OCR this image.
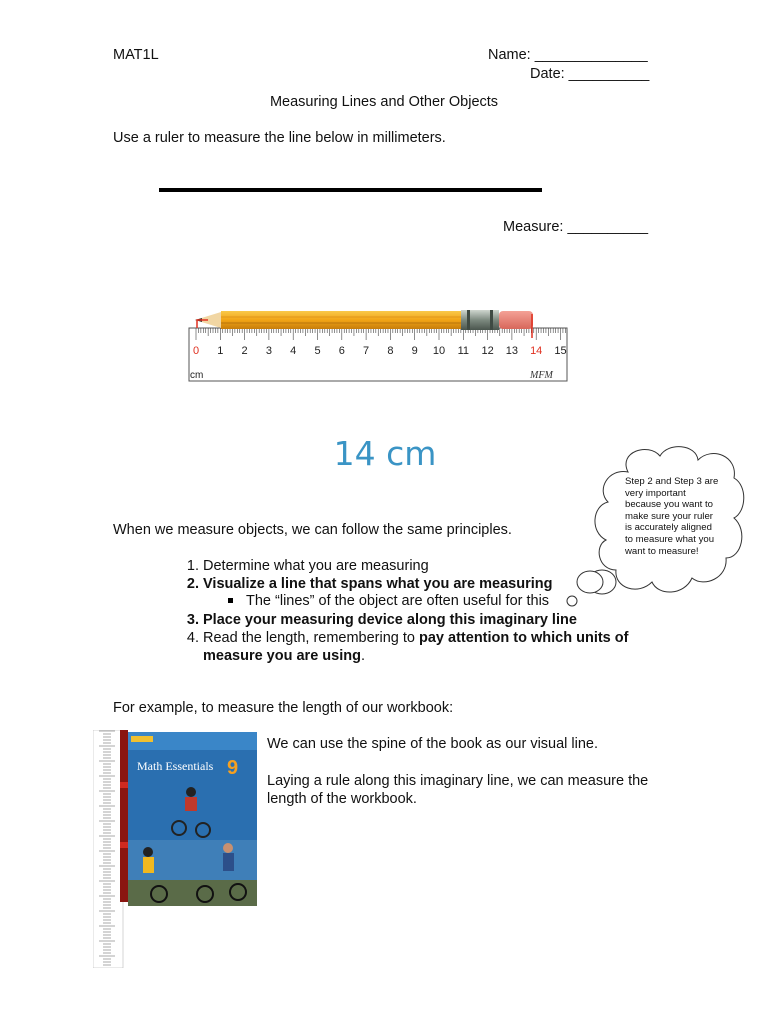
MAT1L	Name: ______________
Date: __________
Measuring Lines and Other Objects
Use a ruler to measure the line below in millimeters.
Measure: __________
0 1 2 3 4 5 6 7 8 9 10 11 12 13 14 15
cm	MFM
14 cm
Step 2 and Step 3 are very important because you want to make sure your ruler is accurately aligned to measure what you want to measure!
When we measure objects, we can follow the same principles.
1. Determine what you are measuring
2. Visualize a line that spans what you are measuring
The “lines” of the object are often useful for this
3. Place your measuring device along this imaginary line
4. Read the length, remembering to pay attention to which units of
measure you are using.
For example, to measure the length of our workbook:
Math Essentials 9
We can use the spine of the book as our visual line.
Laying a rule along this imaginary line, we can measure the length of the workbook.
